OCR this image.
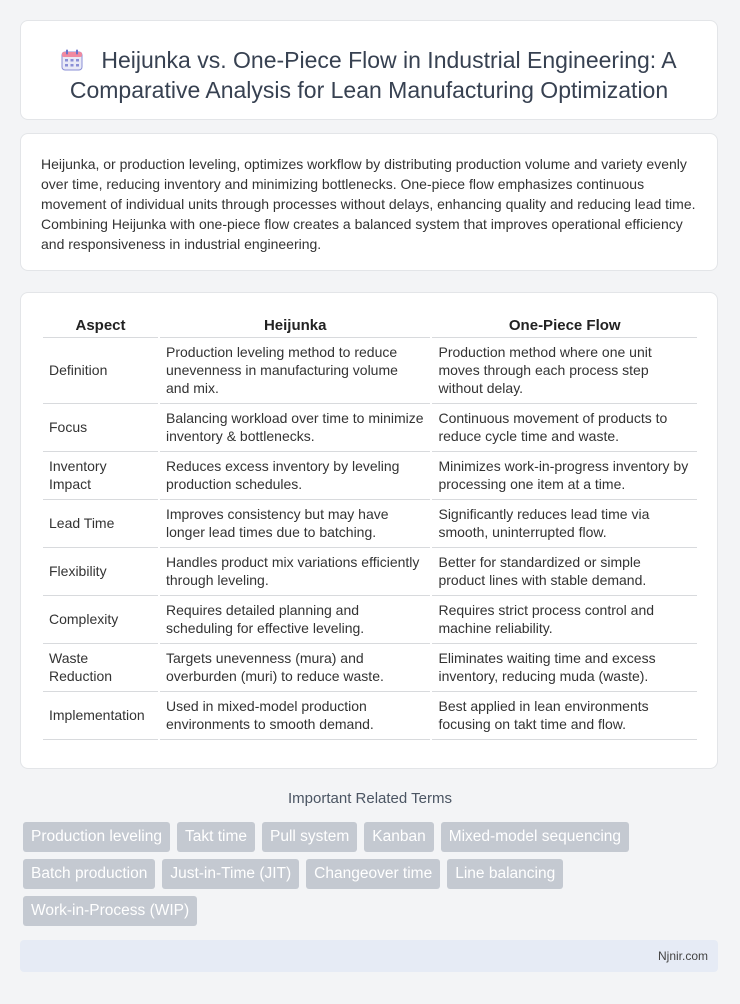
Heijunka vs. One-Piece Flow in Industrial Engineering: A Comparative Analysis for Lean Manufacturing Optimization

Heijunka, or production leveling, optimizes workflow by distributing production volume and variety evenly over time, reducing inventory and minimizing bottlenecks. One-piece flow emphasizes continuous movement of individual units through processes without delays, enhancing quality and reducing lead time. Combining Heijunka with one-piece flow creates a balanced system that improves operational efficiency and responsiveness in industrial engineering.

Aspect	Heijunka	One-Piece Flow
Definition	Production leveling method to reduce unevenness in manufacturing volume and mix.	Production method where one unit moves through each process step without delay.
Focus	Balancing workload over time to minimize inventory & bottlenecks.	Continuous movement of products to reduce cycle time and waste.
Inventory Impact	Reduces excess inventory by leveling production schedules.	Minimizes work-in-progress inventory by processing one item at a time.
Lead Time	Improves consistency but may have longer lead times due to batching.	Significantly reduces lead time via smooth, uninterrupted flow.
Flexibility	Handles product mix variations efficiently through leveling.	Better for standardized or simple product lines with stable demand.
Complexity	Requires detailed planning and scheduling for effective leveling.	Requires strict process control and machine reliability.
Waste Reduction	Targets unevenness (mura) and overburden (muri) to reduce waste.	Eliminates waiting time and excess inventory, reducing muda (waste).
Implementation	Used in mixed-model production environments to smooth demand.	Best applied in lean environments focusing on takt time and flow.
Important Related Terms
Production leveling	Takt time	Pull system	Kanban	Mixed-model sequencing
Batch production	Just-in-Time (JIT)	Changeover time	Line balancing
Work-in-Process (WIP)
Njnir.com
